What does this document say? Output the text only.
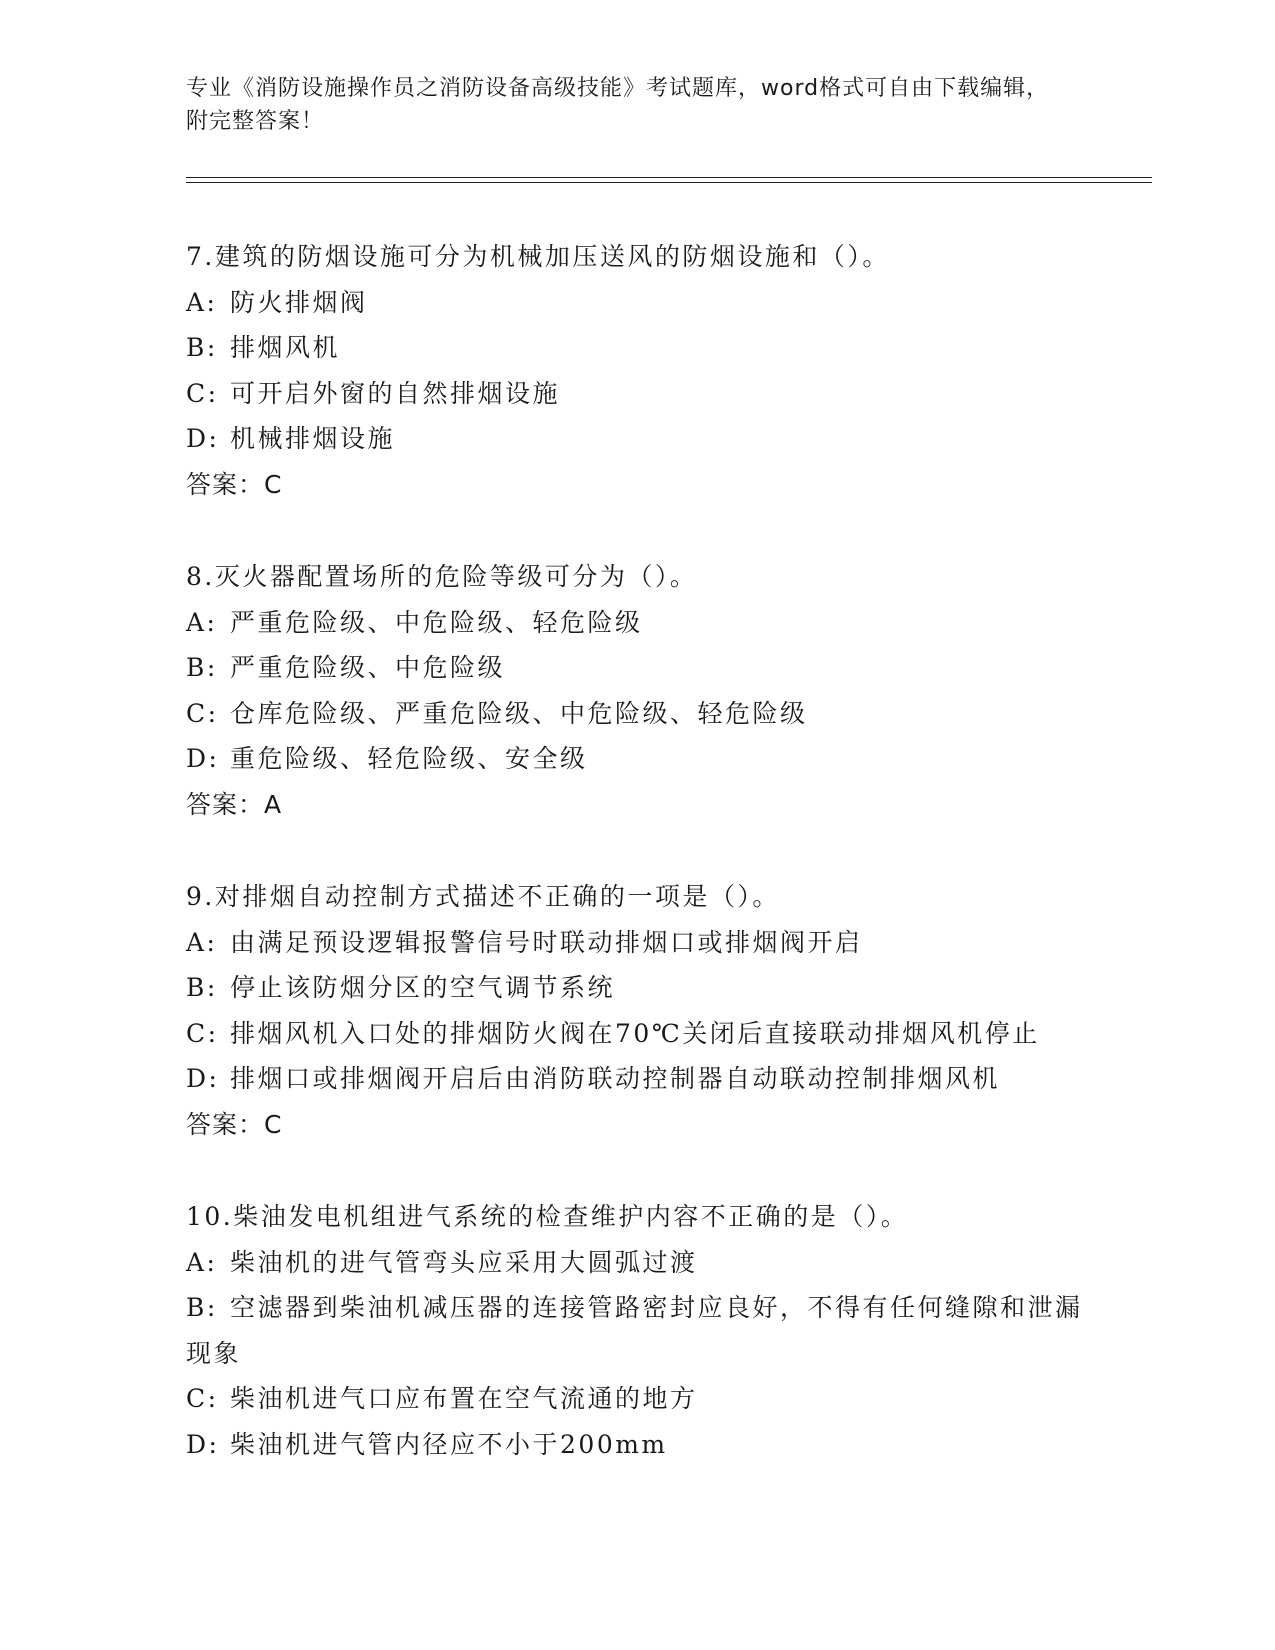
专业《消防设施操作员之消防设备高级技能》考试题库，word格式可自由下载编辑，附完整答案！
7.建筑的防烟设施可分为机械加压送风的防烟设施和（）。
A: 防火排烟阀
B: 排烟风机
C: 可开启外窗的自然排烟设施
D: 机械排烟设施
答案：C
8.灭火器配置场所的危险等级可分为（）。
A: 严重危险级、中危险级、轻危险级
B: 严重危险级、中危险级
C: 仓库危险级、严重危险级、中危险级、轻危险级
D: 重危险级、轻危险级、安全级
答案：A
9.对排烟自动控制方式描述不正确的一项是（）。
A: 由满足预设逻辑报警信号时联动排烟口或排烟阀开启
B: 停止该防烟分区的空气调节系统
C: 排烟风机入口处的排烟防火阀在70℃关闭后直接联动排烟风机停止
D: 排烟口或排烟阀开启后由消防联动控制器自动联动控制排烟风机
答案：C
10.柴油发电机组进气系统的检查维护内容不正确的是（）。
A: 柴油机的进气管弯头应采用大圆弧过渡
B: 空滤器到柴油机减压器的连接管路密封应良好，不得有任何缝隙和泄漏现象
C: 柴油机进气口应布置在空气流通的地方
D: 柴油机进气管内径应不小于200mm
